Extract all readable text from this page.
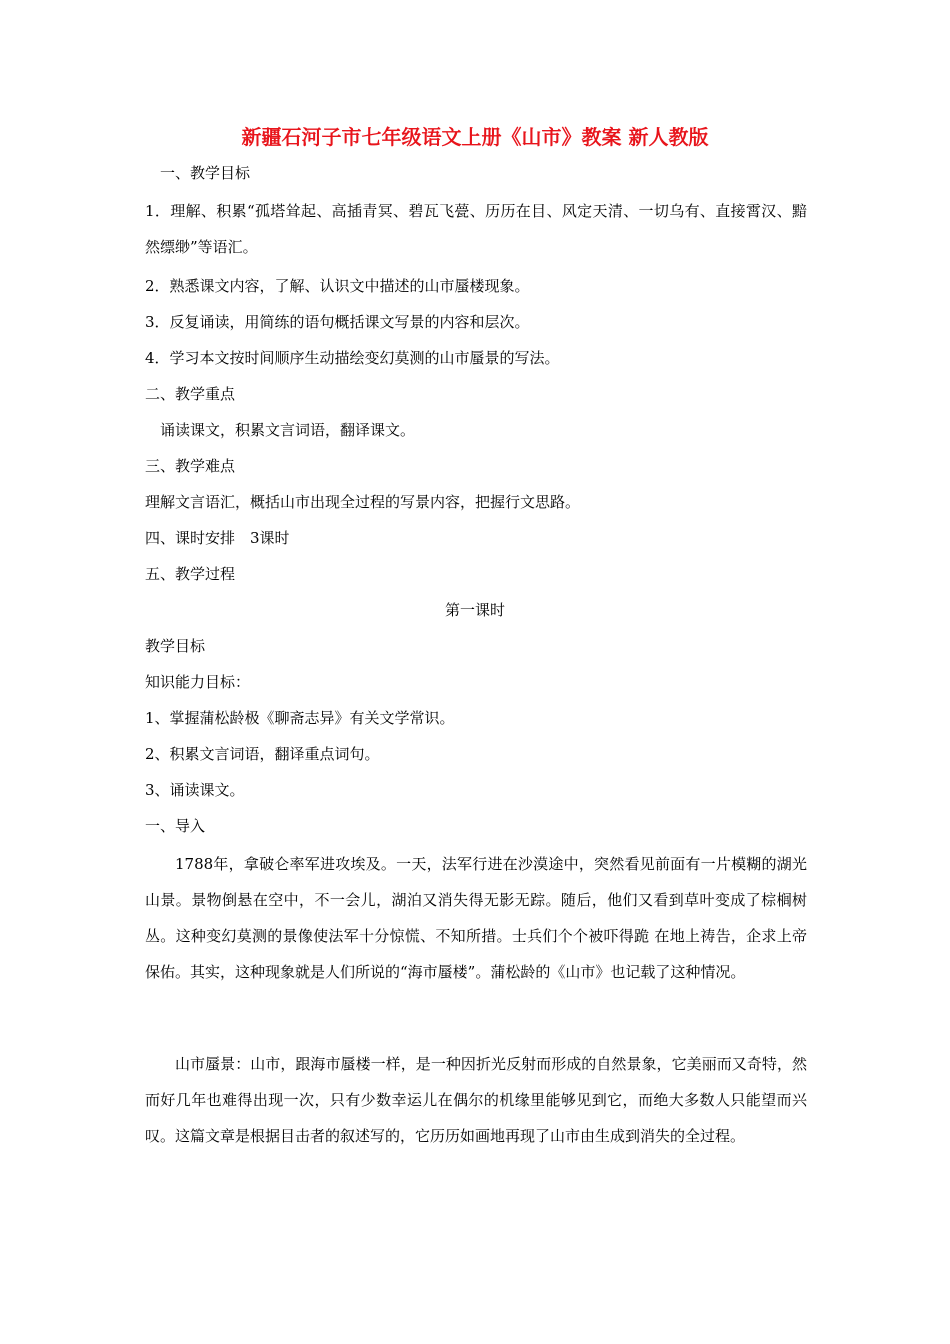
新疆石河子市七年级语文上册《山市》教案 新人教版
一、教学目标
1．理解、积累“孤塔耸起、高插青冥、碧瓦飞甍、历历在目、风定天清、一切乌有、直接霄汉、黯然缥缈”等语汇。
2．熟悉课文内容，了解、认识文中描述的山市蜃楼现象。
3．反复诵读，用简练的语句概括课文写景的内容和层次。
4．学习本文按时间顺序生动描绘变幻莫测的山市蜃景的写法。
二、教学重点
诵读课文，积累文言词语，翻译课文。
三、教学难点
理解文言语汇，概括山市出现全过程的写景内容，把握行文思路。
四、课时安排　3课时
五、教学过程
第一课时
教学目标
知识能力目标：
1、掌握蒲松龄极《聊斋志异》有关文学常识。
2、积累文言词语，翻译重点词句。
3、诵读课文。
一、导入
1788年，拿破仑率军进攻埃及。一天，法军行进在沙漠途中，突然看见前面有一片模糊的湖光山景。景物倒悬在空中，不一会儿，湖泊又消失得无影无踪。随后，他们又看到草叶变成了棕榈树丛。这种变幻莫测的景像使法军十分惊慌、不知所措。士兵们个个被吓得跪 在地上祷告，企求上帝保佑。其实，这种现象就是人们所说的“海市蜃楼”。蒲松龄的《山市》也记载了这种情况。
山市蜃景：山市，跟海市蜃楼一样，是一种因折光反射而形成的自然景象，它美丽而又奇特，然而好几年也难得出现一次，只有少数幸运儿在偶尔的机缘里能够见到它，而绝大多数人只能望而兴叹。这篇文章是根据目击者的叙述写的，它历历如画地再现了山市由生成到消失的全过程。
